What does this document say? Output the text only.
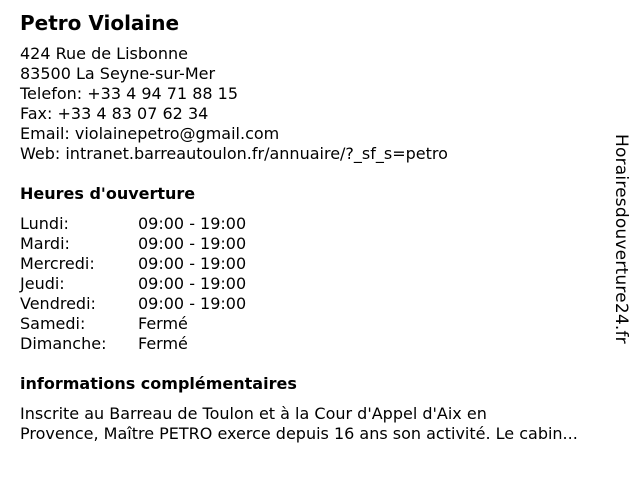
Petro Violaine
424 Rue de Lisbonne
83500 La Seyne-sur-Mer
Telefon: +33 4 94 71 88 15
Fax: +33 4 83 07 62 34
Email: violainepetro@gmail.com
Web: intranet.barreautoulon.fr/annuaire/?_sf_s=petro
Heures d'ouverture
Lundi:	09:00 - 19:00
Mardi:	09:00 - 19:00
Mercredi:	09:00 - 19:00
Jeudi:	09:00 - 19:00
Vendredi:	09:00 - 19:00
Samedi:	Fermé
Dimanche:	Fermé
informations complémentaires
Inscrite au Barreau de Toulon et à la Cour d'Appel d'Aix en
Provence, Maître PETRO exerce depuis 16 ans son activité. Le cabin...
Horairesdouverture24.fr
